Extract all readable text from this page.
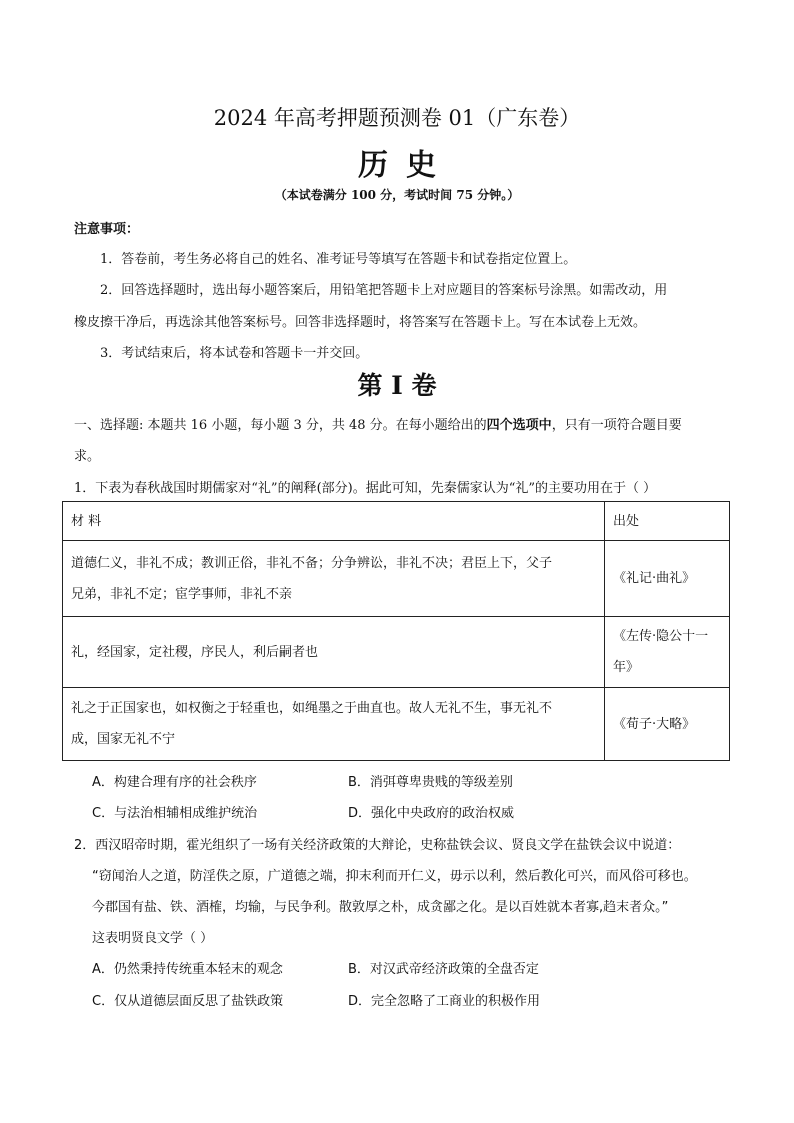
2024 年高考押题预测卷 01（广东卷）
历史
（本试卷满分 100 分，考试时间 75 分钟。）
注意事项：
1．答卷前，考生务必将自己的姓名、准考证号等填写在答题卡和试卷指定位置上。
2．回答选择题时，选出每小题答案后，用铅笔把答题卡上对应题目的答案标号涂黑。如需改动，用
橡皮擦干净后，再选涂其他答案标号。回答非选择题时，将答案写在答题卡上。写在本试卷上无效。
3．考试结束后，将本试卷和答题卡一并交回。
第 I 卷
一、选择题: 本题共 16 小题，每小题 3 分，共 48 分。在每小题给出的四个选项中，只有一项符合题目要
求。
1．下表为春秋战国时期儒家对“礼”的阐释(部分)。据此可知，先秦儒家认为“礼”的主要功用在于（ ）
材 料	出处
道德仁义，非礼不成；教训正俗，非礼不备；分争辨讼，非礼不决；君臣上下，父子
兄弟，非礼不定；宦学事师，非礼不亲	《礼记·曲礼》
礼，经国家，定社稷，序民人，利后嗣者也	《左传·隐公十一
年》
礼之于正国家也，如权衡之于轻重也，如绳墨之于曲直也。故人无礼不生，事无礼不
成，国家无礼不宁	《荀子·大略》
A．构建合理有序的社会秩序	B．消弭尊卑贵贱的等级差别
C．与法治相辅相成维护统治	D．强化中央政府的政治权威
2．西汉昭帝时期，霍光组织了一场有关经济政策的大辩论，史称盐铁会议、贤良文学在盐铁会议中说道：
“窃闻治人之道，防淫佚之原，广道德之端，抑末利而开仁义，毋示以利，然后教化可兴，而风俗可移也。
今郡国有盐、铁、酒榷，均输，与民争利。散敦厚之朴，成贪鄙之化。是以百姓就本者寡,趋末者众。”
这表明贤良文学（ ）
A．仍然秉持传统重本轻末的观念	B．对汉武帝经济政策的全盘否定
C．仅从道德层面反思了盐铁政策	D．完全忽略了工商业的积极作用
